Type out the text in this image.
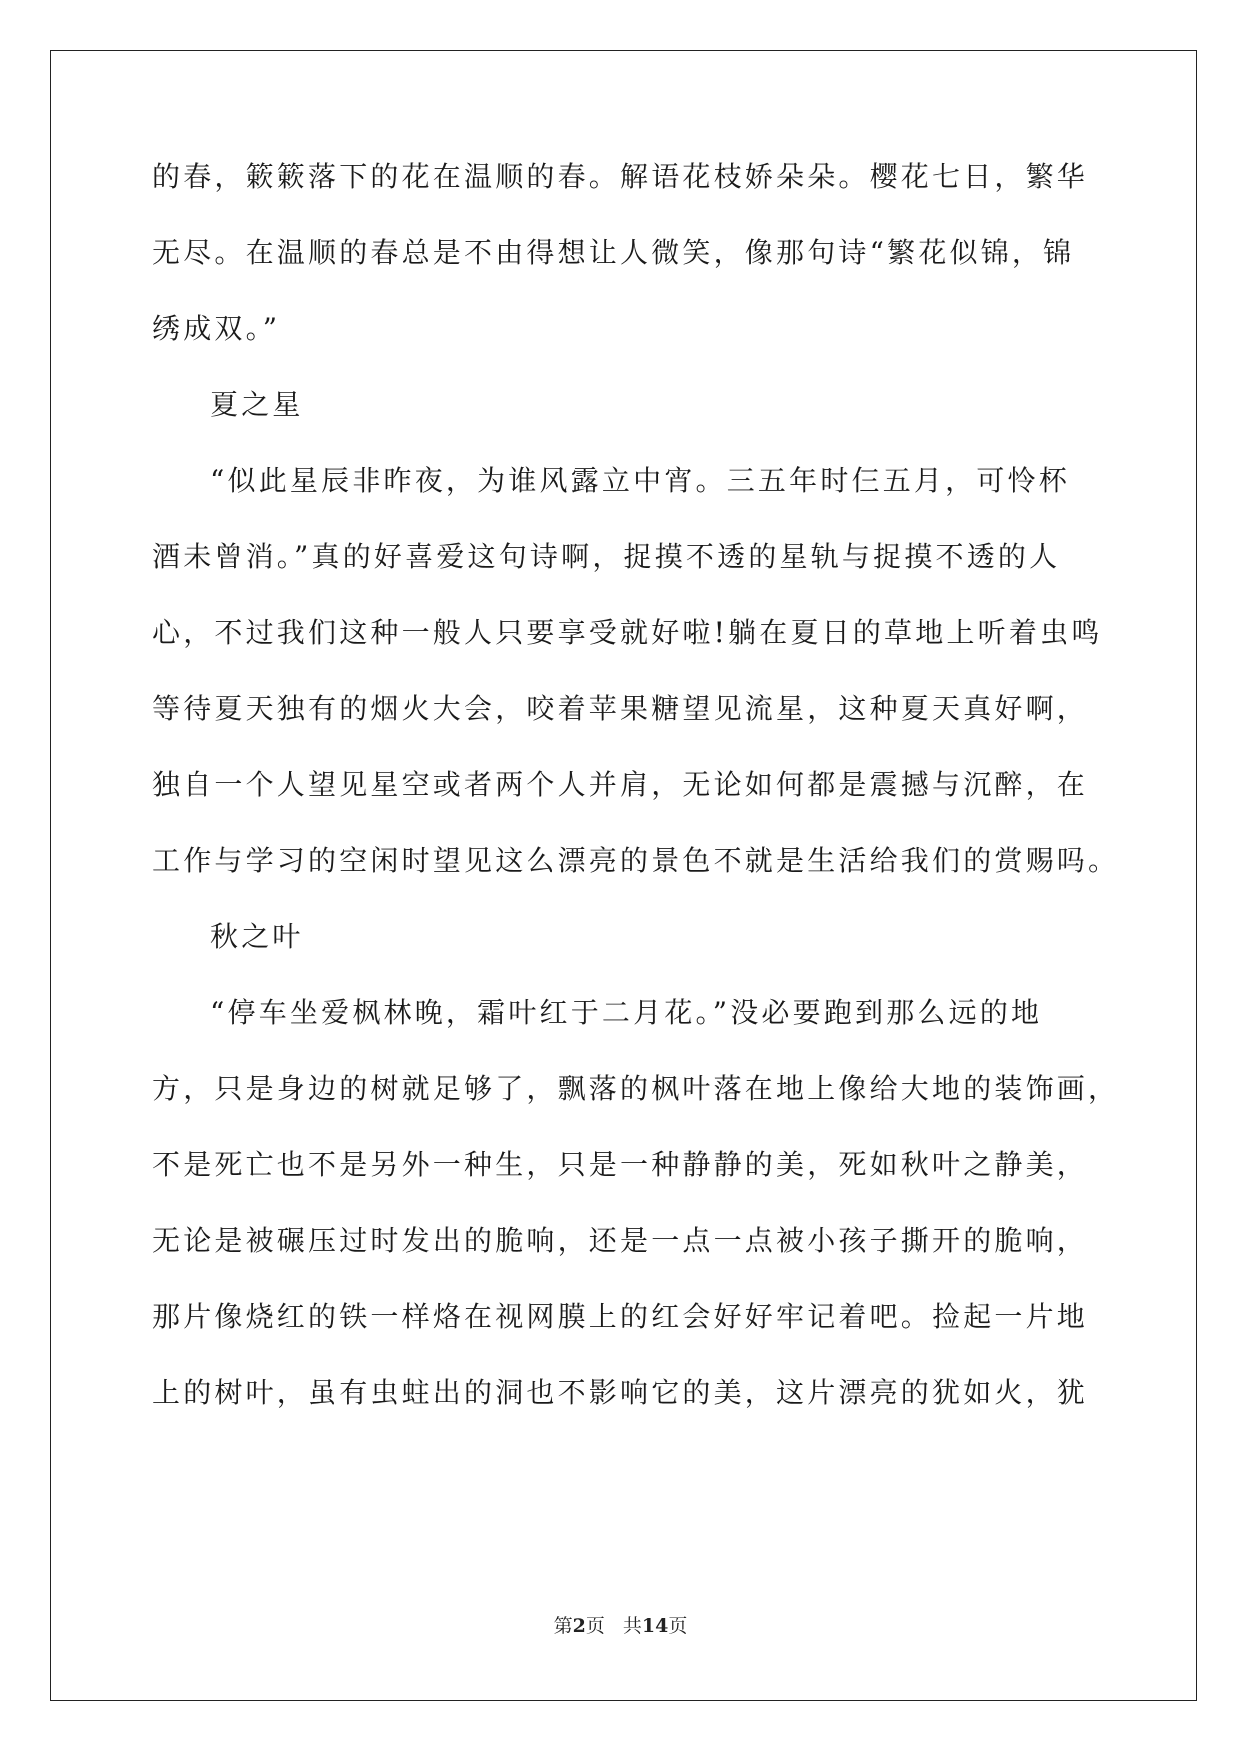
的春，簌簌落下的花在温顺的春。解语花枝娇朵朵。樱花七日，繁华
无尽。在温顺的春总是不由得想让人微笑，像那句诗“繁花似锦，锦
绣成双。”
夏之星
“似此星辰非昨夜，为谁风露立中宵。三五年时仨五月，可怜杯
酒未曾消。”真的好喜爱这句诗啊，捉摸不透的星轨与捉摸不透的人
心，不过我们这种一般人只要享受就好啦!躺在夏日的草地上听着虫鸣
等待夏天独有的烟火大会，咬着苹果糖望见流星，这种夏天真好啊，
独自一个人望见星空或者两个人并肩，无论如何都是震撼与沉醉，在
工作与学习的空闲时望见这么漂亮的景色不就是生活给我们的赏赐吗。
秋之叶
“停车坐爱枫林晚，霜叶红于二月花。”没必要跑到那么远的地
方，只是身边的树就足够了，飘落的枫叶落在地上像给大地的装饰画，
不是死亡也不是另外一种生，只是一种静静的美，死如秋叶之静美，
无论是被碾压过时发出的脆响，还是一点一点被小孩子撕开的脆响，
那片像烧红的铁一样烙在视网膜上的红会好好牢记着吧。捡起一片地
上的树叶，虽有虫蛀出的洞也不影响它的美，这片漂亮的犹如火，犹
第2页 共14页
